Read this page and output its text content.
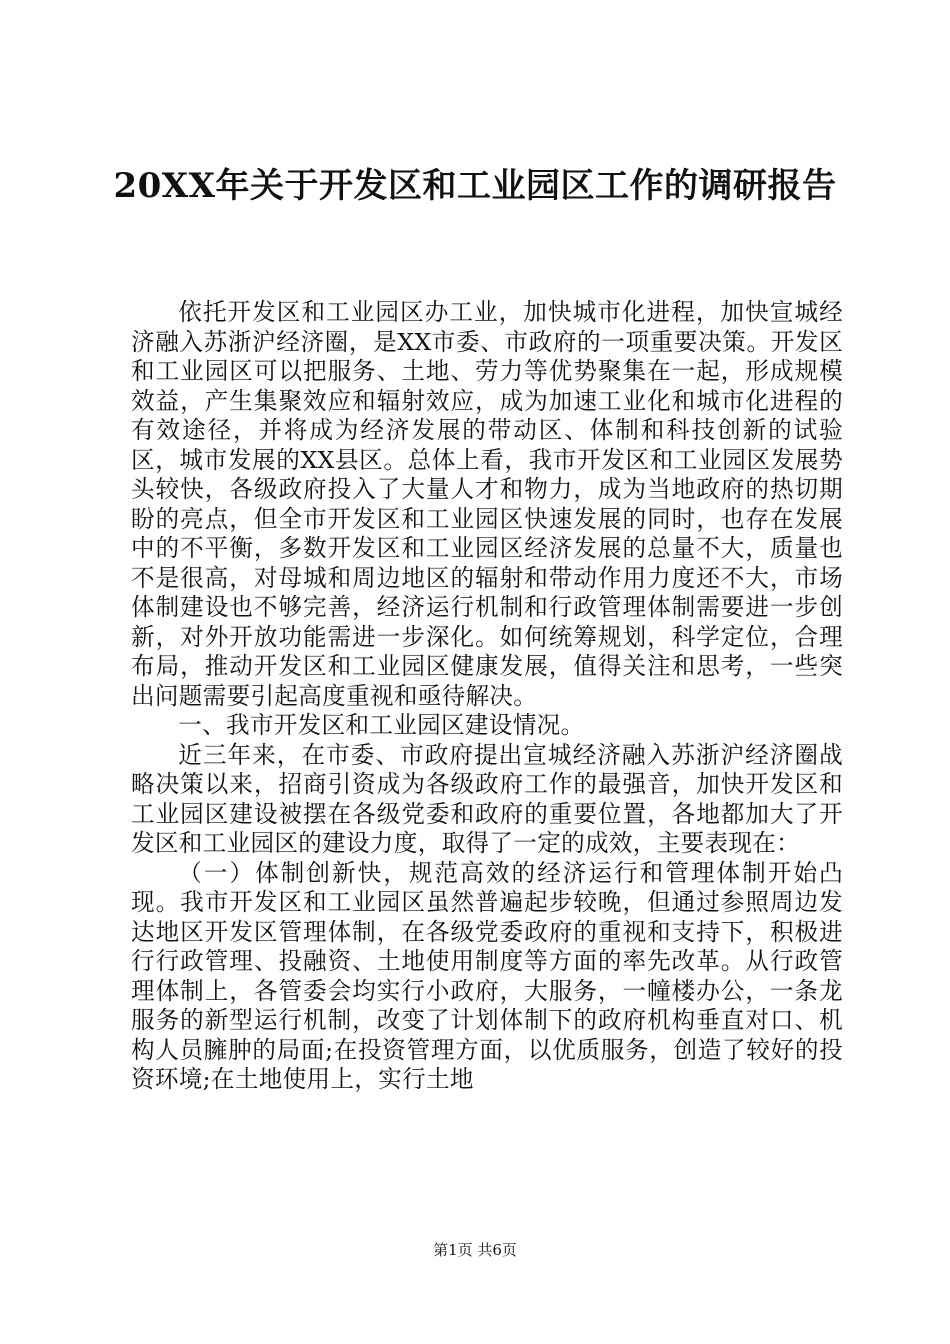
20XX年关于开发区和工业园区工作的调研报告

依托开发区和工业园区办工业，加快城市化进程，加快宣城经济融入苏浙沪经济圈，是XX市委、市政府的一项重要决策。开发区和工业园区可以把服务、土地、劳力等优势聚集在一起，形成规模效益，产生集聚效应和辐射效应，成为加速工业化和城市化进程的有效途径，并将成为经济发展的带动区、体制和科技创新的试验区，城市发展的XX县区。总体上看，我市开发区和工业园区发展势头较快，各级政府投入了大量人才和物力，成为当地政府的热切期盼的亮点，但全市开发区和工业园区快速发展的同时，也存在发展中的不平衡，多数开发区和工业园区经济发展的总量不大，质量也不是很高，对母城和周边地区的辐射和带动作用力度还不大，市场体制建设也不够完善，经济运行机制和行政管理体制需要进一步创新，对外开放功能需进一步深化。如何统筹规划，科学定位，合理布局，推动开发区和工业园区健康发展，值得关注和思考，一些突出问题需要引起高度重视和亟待解决。

一、我市开发区和工业园区建设情况。

近三年来，在市委、市政府提出宣城经济融入苏浙沪经济圈战略决策以来，招商引资成为各级政府工作的最强音，加快开发区和工业园区建设被摆在各级党委和政府的重要位置，各地都加大了开发区和工业园区的建设力度，取得了一定的成效，主要表现在：

（一）体制创新快，规范高效的经济运行和管理体制开始凸现。我市开发区和工业园区虽然普遍起步较晚，但通过参照周边发达地区开发区管理体制，在各级党委政府的重视和支持下，积极进行行政管理、投融资、土地使用制度等方面的率先改革。从行政管理体制上，各管委会均实行小政府，大服务，一幢楼办公，一条龙服务的新型运行机制，改变了计划体制下的政府机构垂直对口、机构人员臃肿的局面;在投资管理方面，以优质服务，创造了较好的投资环境;在土地使用上，实行土地

第1页 共6页
